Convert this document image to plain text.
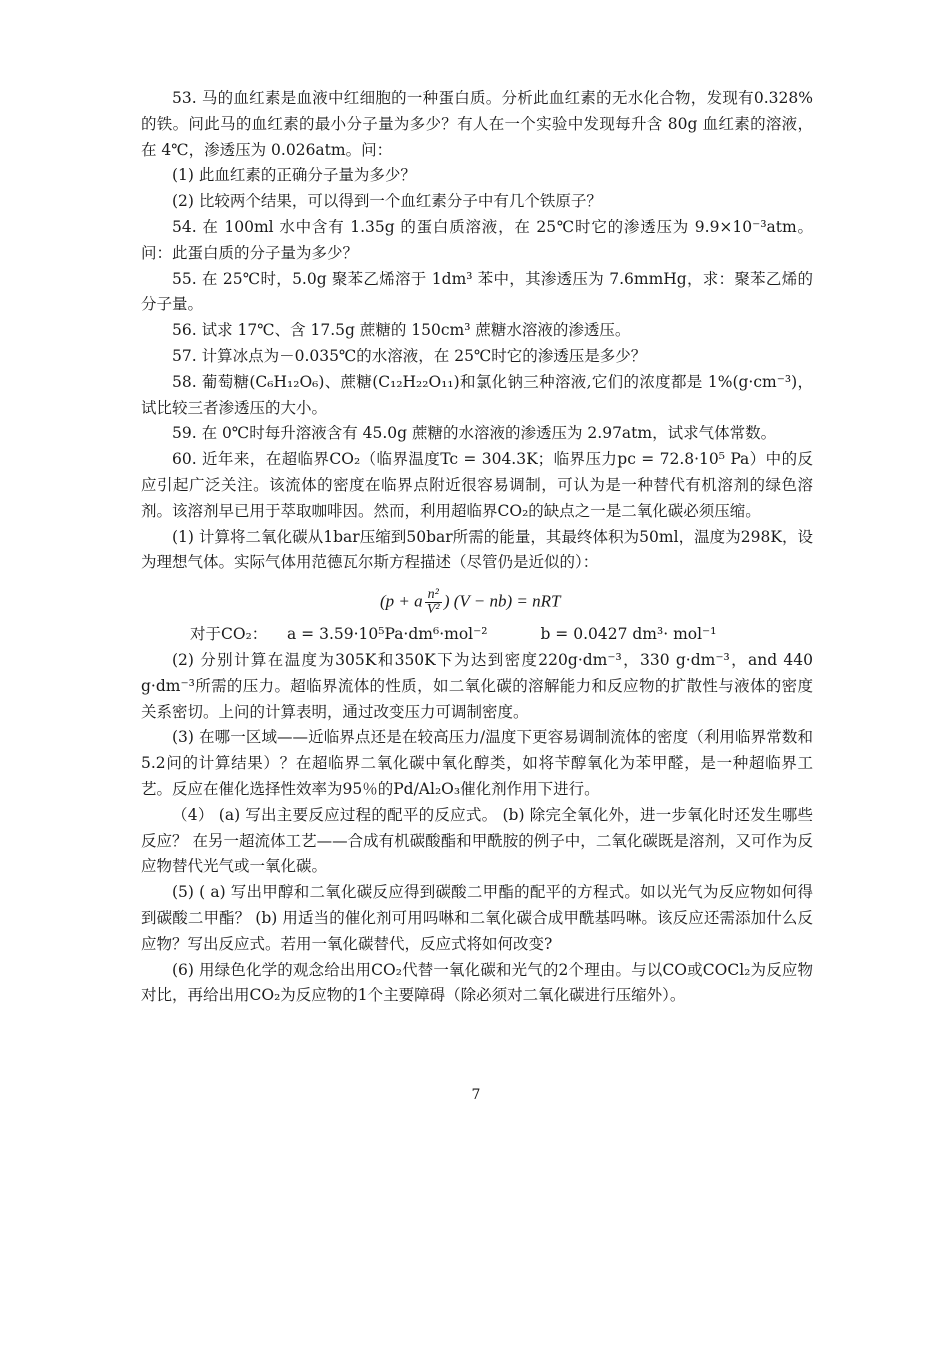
53. 马的血红素是血液中红细胞的一种蛋白质。分析此血红素的无水化合物，发现有0.328%的铁。问此马的血红素的最小分子量为多少？有人在一个实验中发现每升含 80g 血红素的溶液，在 4℃，渗透压为 0.026atm。问：

(1) 此血红素的正确分子量为多少？

(2) 比较两个结果，可以得到一个血红素分子中有几个铁原子？

54. 在 100ml 水中含有 1.35g 的蛋白质溶液，在 25℃时它的渗透压为 9.9×10⁻³atm。问：此蛋白质的分子量为多少？

55. 在 25℃时，5.0g 聚苯乙烯溶于 1dm³ 苯中，其渗透压为 7.6mmHg，求：聚苯乙烯的分子量。

56. 试求 17℃、含 17.5g 蔗糖的 150cm³ 蔗糖水溶液的渗透压。

57. 计算冰点为－0.035℃的水溶液，在 25℃时它的渗透压是多少？

58. 葡萄糖(C₆H₁₂O₆)、蔗糖(C₁₂H₂₂O₁₁)和氯化钠三种溶液,它们的浓度都是 1%(g·cm⁻³)，试比较三者渗透压的大小。

59. 在 0℃时每升溶液含有 45.0g 蔗糖的水溶液的渗透压为 2.97atm，试求气体常数。

60. 近年来，在超临界CO₂（临界温度Tc = 304.3K；临界压力pc = 72.8·10⁵ Pa）中的反应引起广泛关注。该流体的密度在临界点附近很容易调制，可认为是一种替代有机溶剂的绿色溶剂。该溶剂早已用于萃取咖啡因。然而，利用超临界CO₂的缺点之一是二氧化碳必须压缩。

(1) 计算将二氧化碳从1bar压缩到50bar所需的能量，其最终体积为50ml，温度为298K，设为理想气体。实际气体用范德瓦尔斯方程描述（尽管仍是近似的）：

(p + a $\frac{\text{n²}}{\text{V²}}$ ) (V − nb) = nRT

对于CO₂： a = 3.59·10⁵Pa·dm⁶·mol⁻²	b = 0.0427 dm³· mol⁻¹

(2) 分别计算在温度为305K和350K下为达到密度220g·dm⁻³，330 g·dm⁻³，and 440 g·dm⁻³所需的压力。超临界流体的性质，如二氧化碳的溶解能力和反应物的扩散性与液体的密度关系密切。上问的计算表明，通过改变压力可调制密度。

(3) 在哪一区域——近临界点还是在较高压力/温度下更容易调制流体的密度（利用临界常数和5.2问的计算结果）？在超临界二氧化碳中氧化醇类，如将苄醇氧化为苯甲醛，是一种超临界工艺。反应在催化选择性效率为95％的Pd/Al₂O₃催化剂作用下进行。

（4） (a) 写出主要反应过程的配平的反应式。 (b) 除完全氧化外，进一步氧化时还发生哪些反应？ 在另一超流体工艺——合成有机碳酸酯和甲酰胺的例子中，二氧化碳既是溶剂，又可作为反应物替代光气或一氧化碳。

(5) ( a) 写出甲醇和二氧化碳反应得到碳酸二甲酯的配平的方程式。如以光气为反应物如何得到碳酸二甲酯？ (b) 用适当的催化剂可用吗啉和二氧化碳合成甲酰基吗啉。该反应还需添加什么反应物？写出反应式。若用一氧化碳替代，反应式将如何改变?

(6) 用绿色化学的观念给出用CO₂代替一氧化碳和光气的2个理由。与以CO或COCl₂为反应物对比，再给出用CO₂为反应物的1个主要障碍（除必须对二氧化碳进行压缩外）。

7
